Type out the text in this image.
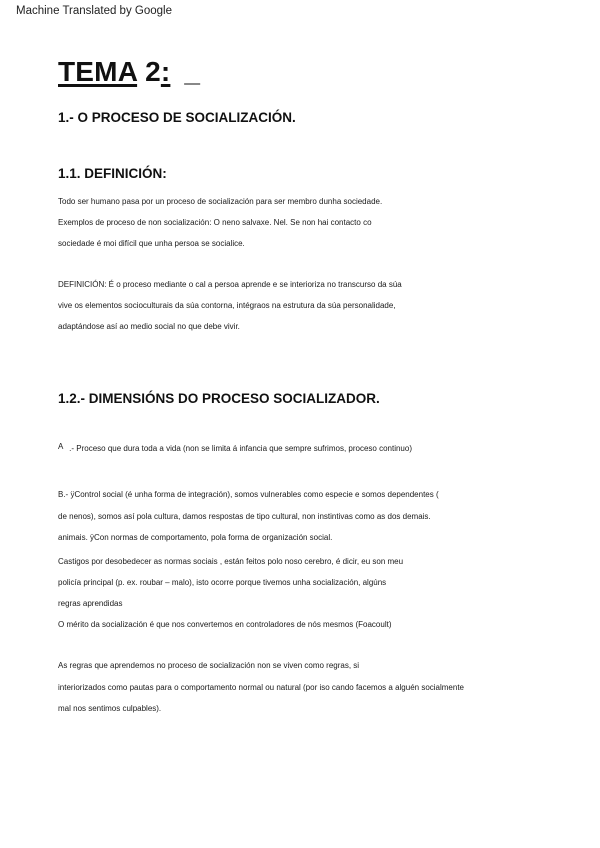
Machine Translated by Google
TEMA 2: _
1.- O PROCESO DE SOCIALIZACIÓN.
1.1. DEFINICIÓN:
Todo ser humano pasa por un proceso de socialización para ser membro dunha sociedade.
Exemplos de proceso de non socialización: O neno salvaxe. Nel. Se non hai contacto co
sociedade é moi difícil que unha persoa se socialice.
DEFINICIÓN: É o proceso mediante o cal a persoa aprende e se interioriza no transcurso da súa
vive os elementos socioculturais da súa contorna, intégraos na estrutura da súa personalidade,
adaptándose así ao medio social no que debe vivir.
1.2.- DIMENSIÓNS DO PROCESO SOCIALIZADOR.
A .- Proceso que dura toda a vida (non se limita á infancia que sempre sufrimos, proceso continuo)
B.- ÿControl social (é unha forma de integración), somos vulnerables como especie e somos dependentes (
de nenos), somos así pola cultura, damos respostas de tipo cultural, non instintivas como as dos demais.
animais. ÿCon normas de comportamento, pola forma de organización social.
Castigos por desobedecer as normas sociais , están feitos polo noso cerebro, é dicir, eu son meu
policía principal (p. ex. roubar – malo), isto ocorre porque tivemos unha socialización, algúns
regras aprendidas
O mérito da socialización é que nos convertemos en controladores de nós mesmos (Foacoult)
As regras que aprendemos no proceso de socialización non se viven como regras, si
interiorizados como pautas para o comportamento normal ou natural (por iso cando facemos a alguén socialmente
mal nos sentimos culpables).
